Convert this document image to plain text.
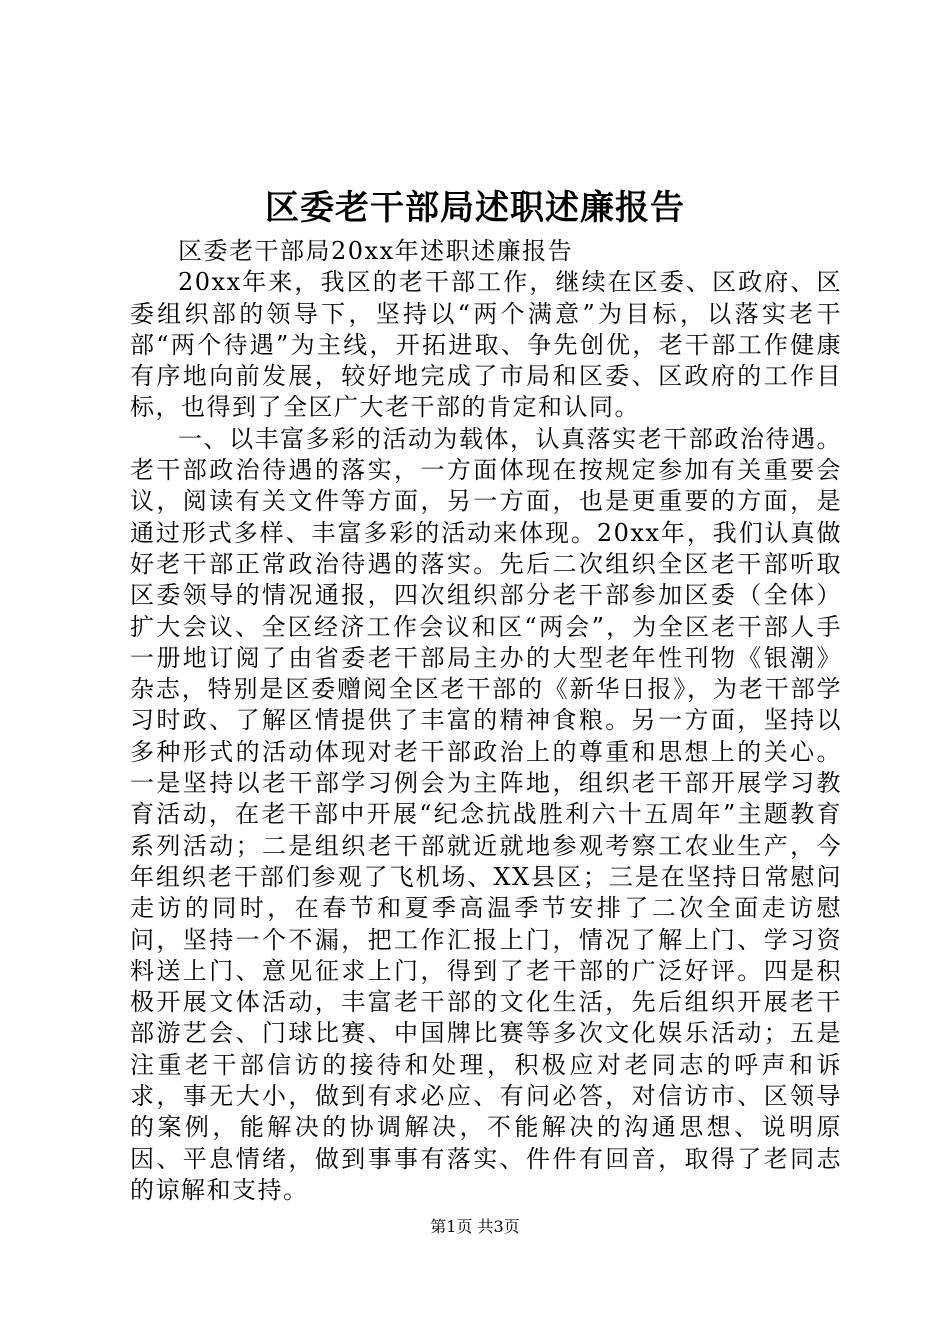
区委老干部局述职述廉报告

区委老干部局20xx年述职述廉报告

20xx年来，我区的老干部工作，继续在区委、区政府、区委组织部的领导下，坚持以“两个满意”为目标，以落实老干部“两个待遇”为主线，开拓进取、争先创优，老干部工作健康有序地向前发展，较好地完成了市局和区委、区政府的工作目标，也得到了全区广大老干部的肯定和认同。

一、以丰富多彩的活动为载体，认真落实老干部政治待遇。老干部政治待遇的落实，一方面体现在按规定参加有关重要会议，阅读有关文件等方面，另一方面，也是更重要的方面，是通过形式多样、丰富多彩的活动来体现。20xx年，我们认真做好老干部正常政治待遇的落实。先后二次组织全区老干部听取区委领导的情况通报，四次组织部分老干部参加区委（全体）扩大会议、全区经济工作会议和区“两会”，为全区老干部人手一册地订阅了由省委老干部局主办的大型老年性刊物《银潮》杂志，特别是区委赠阅全区老干部的《新华日报》，为老干部学习时政、了解区情提供了丰富的精神食粮。另一方面，坚持以多种形式的活动体现对老干部政治上的尊重和思想上的关心。一是坚持以老干部学习例会为主阵地，组织老干部开展学习教育活动，在老干部中开展“纪念抗战胜利六十五周年”主题教育系列活动；二是组织老干部就近就地参观考察工农业生产，今年组织老干部们参观了飞机场、XX县区；三是在坚持日常慰问走访的同时，在春节和夏季高温季节安排了二次全面走访慰问，坚持一个不漏，把工作汇报上门，情况了解上门、学习资料送上门、意见征求上门，得到了老干部的广泛好评。四是积极开展文体活动，丰富老干部的文化生活，先后组织开展老干部游艺会、门球比赛、中国牌比赛等多次文化娱乐活动；五是注重老干部信访的接待和处理，积极应对老同志的呼声和诉求，事无大小，做到有求必应、有问必答，对信访市、区领导的案例，能解决的协调解决，不能解决的沟通思想、说明原因、平息情绪，做到事事有落实、件件有回音，取得了老同志的谅解和支持。

第1页 共3页
